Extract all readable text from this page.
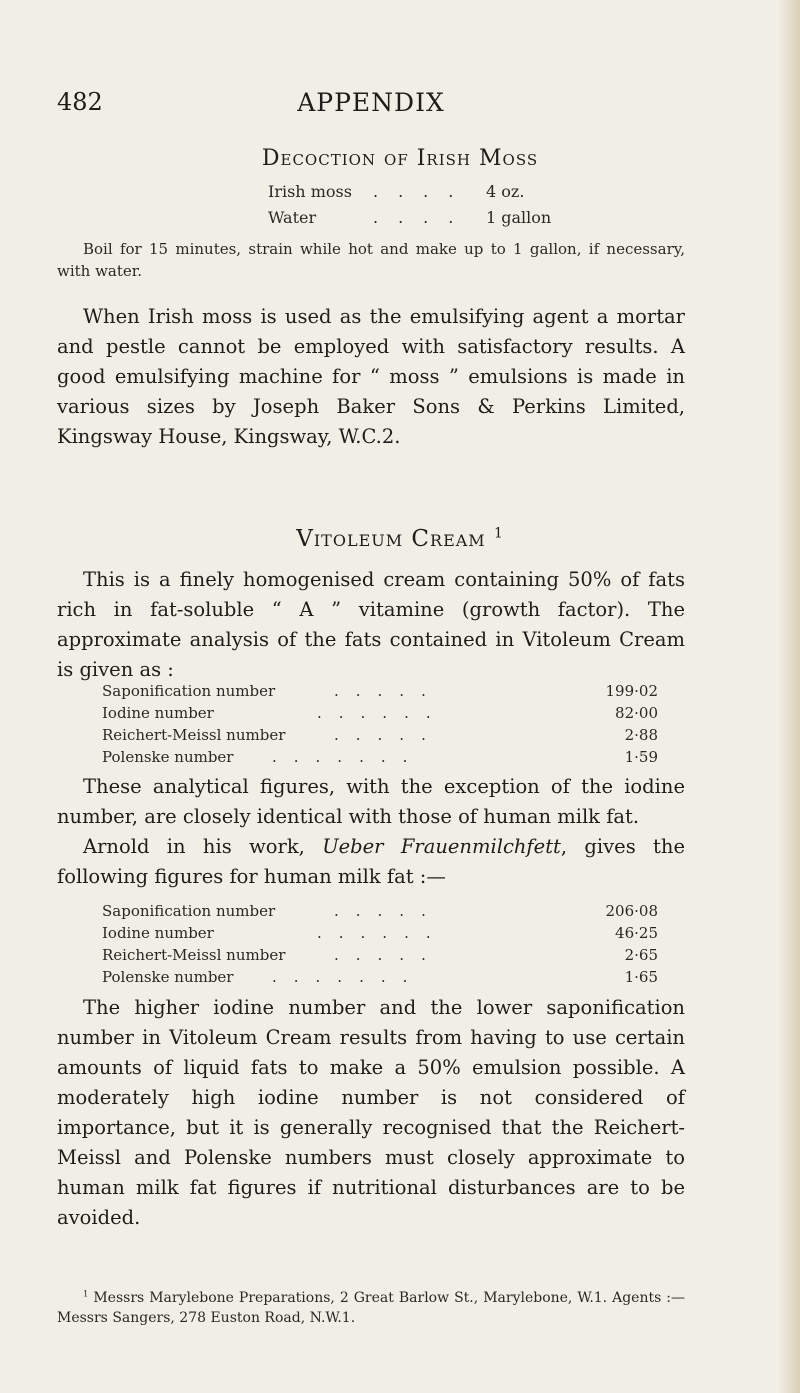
482	APPENDIX
Decoction of Irish Moss
Irish moss .... 4 oz.
Water	.... 1 gallon

Boil for 15 minutes, strain while hot and make up to 1 gallon, if necessary, with water.

When Irish moss is used as the emulsifying agent a mortar and pestle cannot be employed with satisfactory results. A good emulsifying machine for “ moss ” emulsions is made in various sizes by Joseph Baker Sons & Perkins Limited, Kingsway House, Kingsway, W.C.2.

Vitoleum Cream $^1$

This is a finely homogenised cream containing 50% of fats rich in fat-soluble “ A ” vitamine (growth factor). The approximate analysis of the fats contained in Vitoleum Cream is given as :

Saponification number	.....	199·02
Iodine number	......	82·00
Reichert-Meissl number	.....	2·88
Polenske number	.......	1·59

These analytical figures, with the exception of the iodine number, are closely identical with those of human milk fat.

Arnold in his work, Ueber Frauenmilchfett, gives the following figures for human milk fat :—

Saponification number	.....	206·08
Iodine number	......	46·25
Reichert-Meissl number	.....	2·65
Polenske number	.......	1·65

The higher iodine number and the lower saponification number in Vitoleum Cream results from having to use certain amounts of liquid fats to make a 50% emulsion possible. A moderately high iodine number is not considered of importance, but it is generally recognised that the Reichert-Meissl and Polenske numbers must closely approximate to human milk fat figures if nutritional disturbances are to be avoided.

$^1$ Messrs Marylebone Preparations, 2 Great Barlow St., Marylebone, W.1. Agents :—Messrs Sangers, 278 Euston Road, N.W.1.
